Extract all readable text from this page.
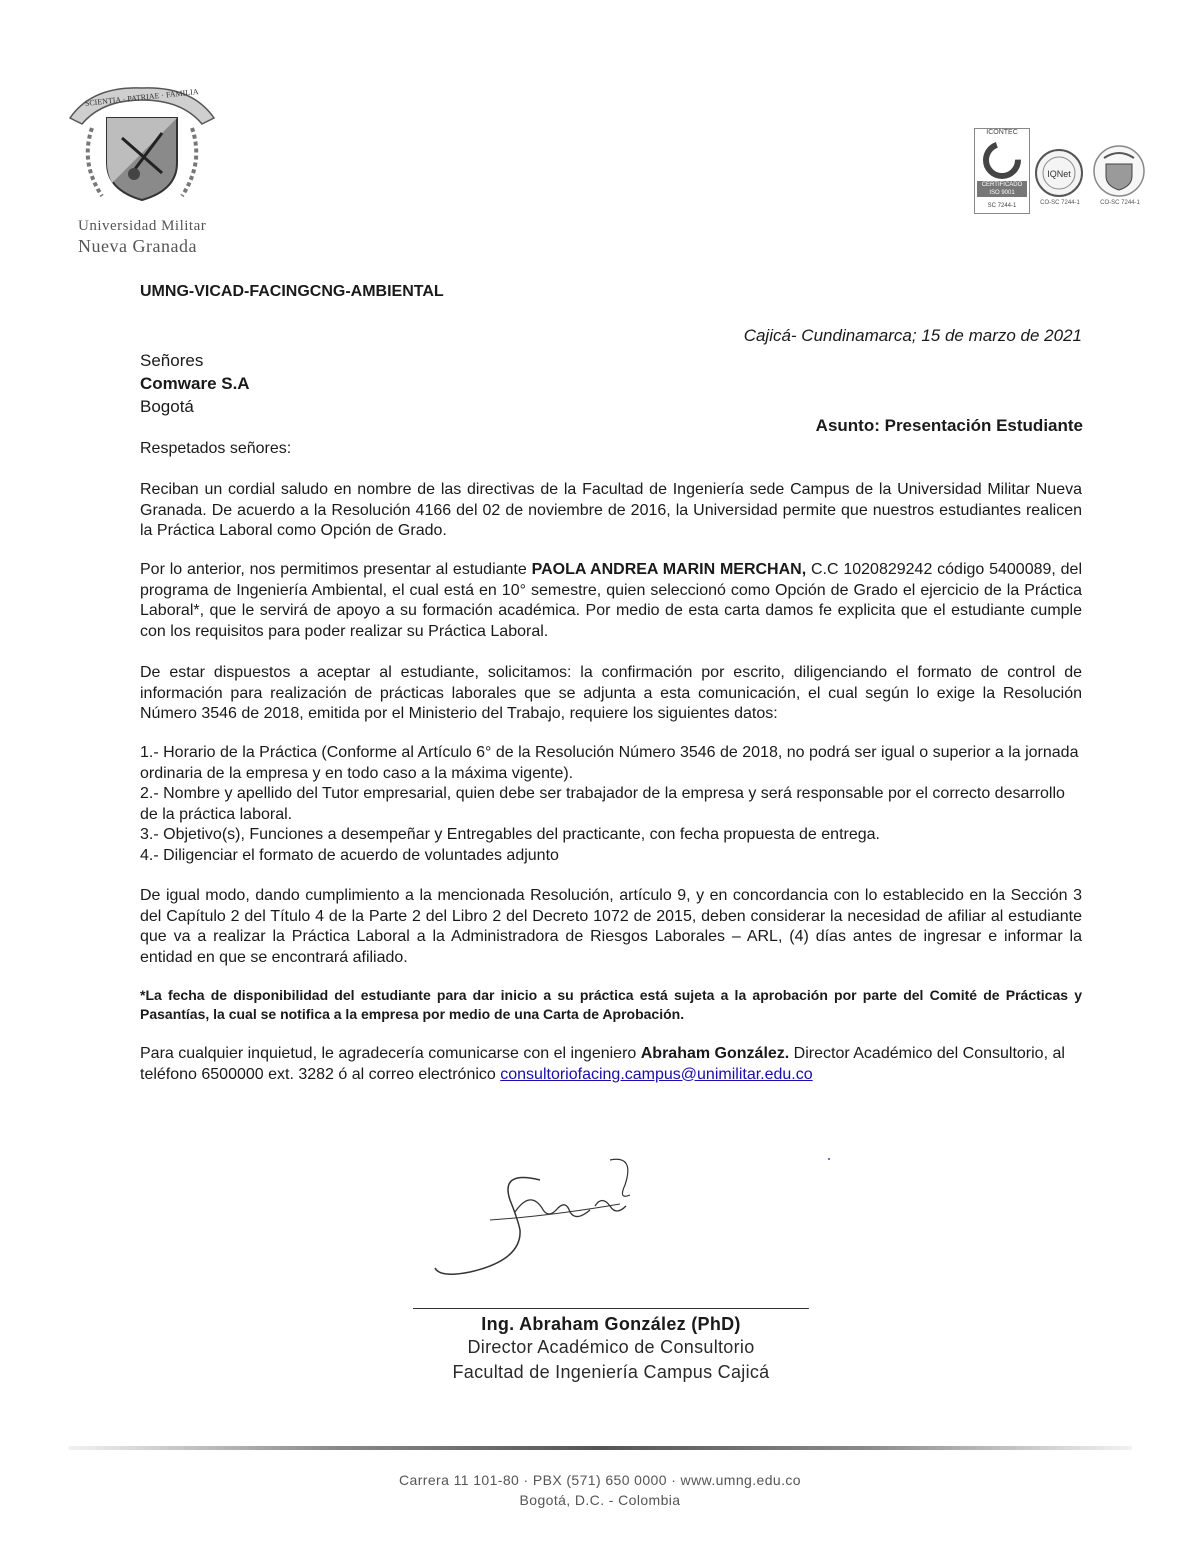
SCIENTIA · PATRIAE · FAMILIA
Universidad Militar
Nueva Granada
ICONTEC
CERTIFICADO ISO 9001
SC 7244-1
IQNet
CO-SC 7244-1	CO-SC 7244-1
UMNG-VICAD-FACINGCNG-AMBIENTAL
Cajicá- Cundinamarca; 15 de marzo de 2021
Señores
Comware S.A
Bogotá
Asunto: Presentación Estudiante
Respetados señores:
Reciban un cordial saludo en nombre de las directivas de la Facultad de Ingeniería sede Campus de la Universidad Militar Nueva Granada. De acuerdo a la Resolución 4166 del 02 de noviembre de 2016, la Universidad permite que nuestros estudiantes realicen la Práctica Laboral como Opción de Grado.
Por lo anterior, nos permitimos presentar al estudiante PAOLA ANDREA MARIN MERCHAN, C.C 1020829242 código 5400089, del programa de Ingeniería Ambiental, el cual está en 10° semestre, quien seleccionó como Opción de Grado el ejercicio de la Práctica Laboral*, que le servirá de apoyo a su formación académica. Por medio de esta carta damos fe explicita que el estudiante cumple con los requisitos para poder realizar su Práctica Laboral.
De estar dispuestos a aceptar al estudiante, solicitamos: la confirmación por escrito, diligenciando el formato de control de información para realización de prácticas laborales que se adjunta a esta comunicación, el cual según lo exige la Resolución Número 3546 de 2018, emitida por el Ministerio del Trabajo, requiere los siguientes datos:
1.- Horario de la Práctica (Conforme al Artículo 6° de la Resolución Número 3546 de 2018, no podrá ser igual o superior a la jornada ordinaria de la empresa y en todo caso a la máxima vigente).
2.- Nombre y apellido del Tutor empresarial, quien debe ser trabajador de la empresa y será responsable por el correcto desarrollo de la práctica laboral.
3.- Objetivo(s), Funciones a desempeñar y Entregables del practicante, con fecha propuesta de entrega.
4.- Diligenciar el formato de acuerdo de voluntades adjunto
De igual modo, dando cumplimiento a la mencionada Resolución, artículo 9, y en concordancia con lo establecido en la Sección 3 del Capítulo 2 del Título 4 de la Parte 2 del Libro 2 del Decreto 1072 de 2015, deben considerar la necesidad de afiliar al estudiante que va a realizar la Práctica Laboral a la Administradora de Riesgos Laborales – ARL, (4) días antes de ingresar e informar la entidad en que se encontrará afiliado.
*La fecha de disponibilidad del estudiante para dar inicio a su práctica está sujeta a la aprobación por parte del Comité de Prácticas y Pasantías, la cual se notifica a la empresa por medio de una Carta de Aprobación.
Para cualquier inquietud, le agradecería comunicarse con el ingeniero Abraham González. Director Académico del Consultorio, al teléfono 6500000 ext. 3282 ó al correo electrónico consultoriofacing.campus@unimilitar.edu.co
Ing. Abraham González (PhD)
Director Académico de Consultorio
Facultad de Ingeniería Campus Cajicá
Carrera 11 101-80 · PBX (571) 650 0000 · www.umng.edu.co
Bogotá, D.C. - Colombia
